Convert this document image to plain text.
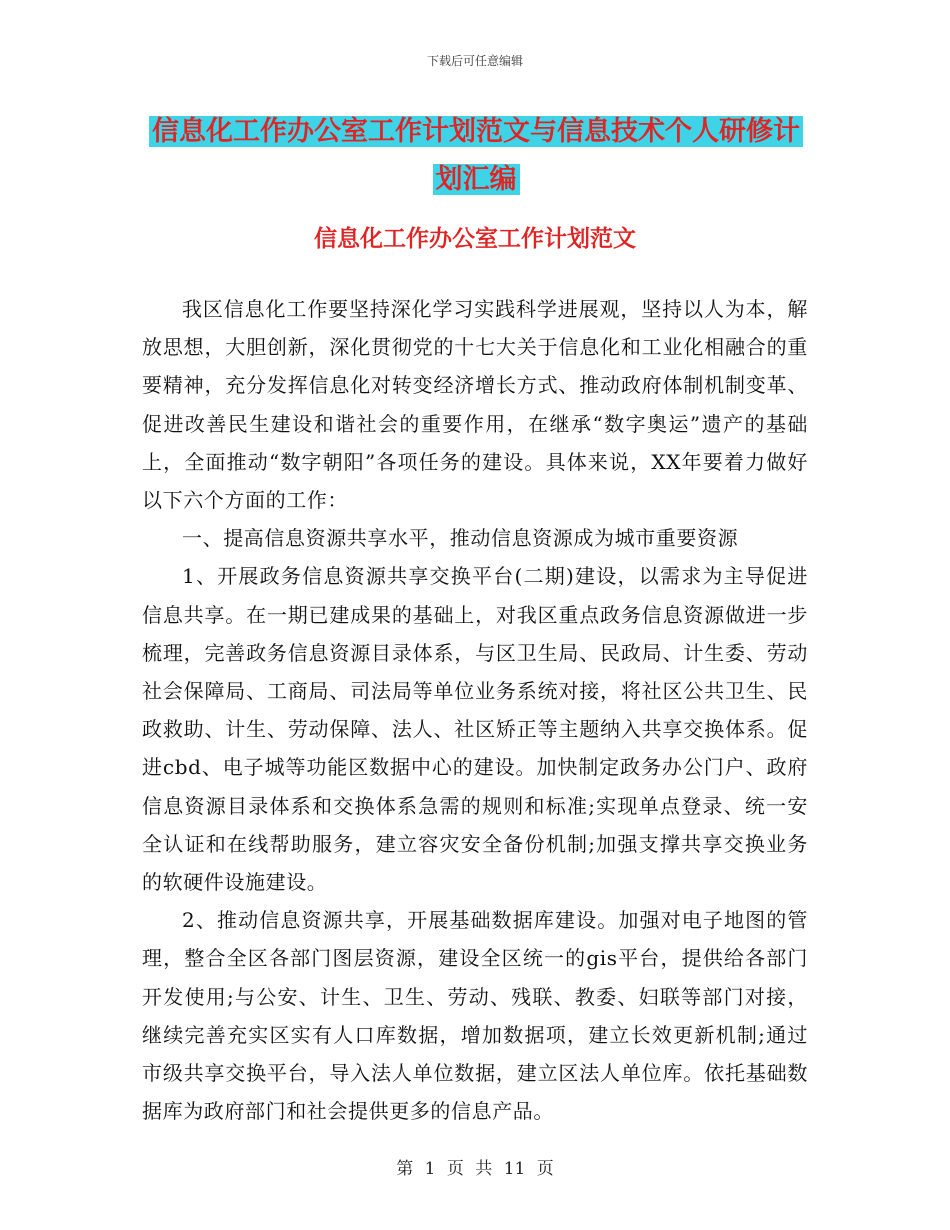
下载后可任意编辑
信息化工作办公室工作计划范文与信息技术个人研修计划汇编
信息化工作办公室工作计划范文

我区信息化工作要坚持深化学习实践科学进展观，坚持以人为本，解放思想，大胆创新，深化贯彻党的十七大关于信息化和工业化相融合的重要精神，充分发挥信息化对转变经济增长方式、推动政府体制机制变革、促进改善民生建设和谐社会的重要作用，在继承“数字奥运”遗产的基础上，全面推动“数字朝阳”各项任务的建设。具体来说，XX年要着力做好以下六个方面的工作：

一、提高信息资源共享水平，推动信息资源成为城市重要资源

1、开展政务信息资源共享交换平台(二期)建设，以需求为主导促进信息共享。在一期已建成果的基础上，对我区重点政务信息资源做进一步梳理，完善政务信息资源目录体系，与区卫生局、民政局、计生委、劳动社会保障局、工商局、司法局等单位业务系统对接，将社区公共卫生、民政救助、计生、劳动保障、法人、社区矫正等主题纳入共享交换体系。促进cbd、电子城等功能区数据中心的建设。加快制定政务办公门户、政府信息资源目录体系和交换体系急需的规则和标准;实现单点登录、统一安全认证和在线帮助服务，建立容灾安全备份机制;加强支撑共享交换业务的软硬件设施建设。

2、推动信息资源共享，开展基础数据库建设。加强对电子地图的管理，整合全区各部门图层资源，建设全区统一的gis平台，提供给各部门开发使用;与公安、计生、卫生、劳动、残联、教委、妇联等部门对接，继续完善充实区实有人口库数据，增加数据项，建立长效更新机制;通过市级共享交换平台，导入法人单位数据，建立区法人单位库。依托基础数据库为政府部门和社会提供更多的信息产品。

第 1 页 共 11 页
